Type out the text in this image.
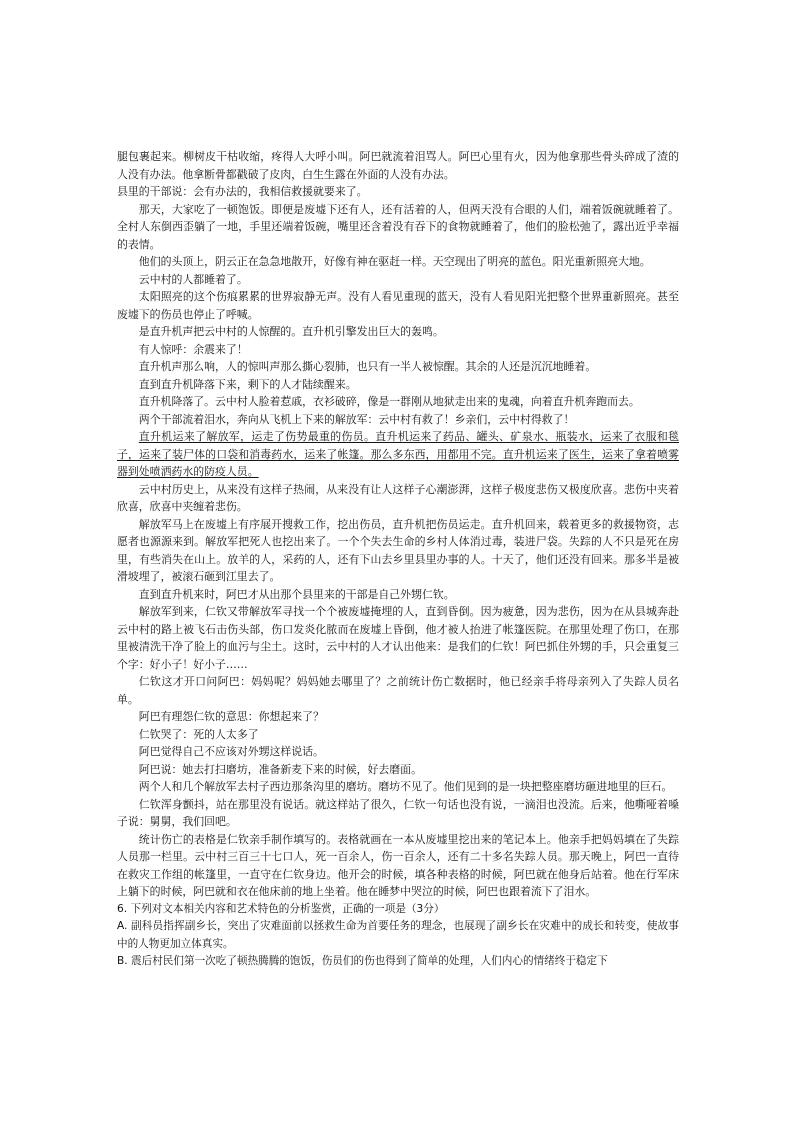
腿包裹起来。柳树皮干枯收缩，疼得人大呼小叫。阿巴就流着泪骂人。阿巴心里有火，因为他拿那些骨头碎成了渣的人没有办法。他拿断骨都戳破了皮肉，白生生露在外面的人没有办法。

县里的干部说：会有办法的，我相信救援就要来了。

那天，大家吃了一顿饱饭。即便是废墟下还有人，还有活着的人，但两天没有合眼的人们，端着饭碗就睡着了。全村人东倒西歪躺了一地，手里还端着饭碗，嘴里还含着没有吞下的食物就睡着了，他们的脸松弛了，露出近乎幸福的表情。

他们的头顶上，阴云正在急急地散开，好像有神在驱赶一样。天空现出了明亮的蓝色。阳光重新照亮大地。

云中村的人都睡着了。

太阳照亮的这个伤痕累累的世界寂静无声。没有人看见重现的蓝天，没有人看见阳光把整个世界重新照亮。甚至废墟下的伤员也停止了呼喊。

是直升机声把云中村的人惊醒的。直升机引擎发出巨大的轰鸣。

有人惊呼：余震来了！

直升机声那么响，人的惊叫声那么撕心裂肺，也只有一半人被惊醒。其余的人还是沉沉地睡着。

直到直升机降落下来，剩下的人才陆续醒来。

直升机降落了。云中村人脸着惹戚，衣衫破碎，像是一群刚从地狱走出来的鬼魂，向着直升机奔跑而去。

两个干部流着泪水，奔向从飞机上下来的解放军：云中村有救了！乡亲们，云中村得救了！

直升机运来了解放军，运走了伤势最重的伤员。直升机运来了药品、罐头、矿泉水、瓶装水，运来了衣服和毯子，运来了装尸体的口袋和消毒药水，运来了帐篷。那么多东西，用都用不完。直升机运来了医生，运来了拿着喷雾器到处喷洒药水的防疫人员。

云中村历史上，从来没有这样子热闹，从来没有让人这样子心潮澎湃，这样子极度悲伤又极度欣喜。悲伤中夹着欣喜，欣喜中夹缠着悲伤。

解放军马上在废墟上有序展开搜救工作，挖出伤员，直升机把伤员运走。直升机回来，载着更多的救援物资，志愿者也源源来到。解放军把死人也挖出来了。一个个失去生命的乡村人体消过毒，装进尸袋。失踪的人不只是死在房里，有些消失在山上。放羊的人，采药的人，还有下山去乡里县里办事的人。十天了，他们还没有回来。那多半是被滑坡埋了，被滚石砸到江里去了。

直到直升机来时，阿巴才从出那个县里来的干部是自己外甥仁钦。

解放军到来，仁钦又带解放军寻找一个个被废墟掩埋的人，直到昏倒。因为疲惫，因为悲伤，因为在从县城奔赴云中村的路上被飞石击伤头部，伤口发炎化脓而在废墟上昏倒，他才被人抬进了帐篷医院。在那里处理了伤口，在那里被清洗干净了脸上的血污与尘土。这时，云中村的人才认出他来：是我们的仁钦！阿巴抓住外甥的手，只会重复三个字：好小子！好小子……

仁钦这才开口问阿巴：妈妈呢？妈妈她去哪里了？之前统计伤亡数据时，他已经亲手将母亲列入了失踪人员名单。

阿巴有理怨仁钦的意思：你想起来了？

仁钦哭了：死的人太多了

阿巴觉得自己不应该对外甥这样说话。

阿巴说：她去打扫磨坊，准备新麦下来的时候，好去磨面。

两个人和几个解放军去村子西边那条沟里的磨坊。磨坊不见了。他们见到的是一块把整座磨坊砸进地里的巨石。

仁钦浑身颤抖，站在那里没有说话。就这样站了很久，仁钦一句话也没有说，一滴泪也没流。后来，他嘶哑着嗓子说：舅舅，我们回吧。

统计伤亡的表格是仁钦亲手制作填写的。表格就画在一本从废墟里挖出来的笔记本上。他亲手把妈妈填在了失踪人员那一栏里。云中村三百三十七口人，死一百余人，伤一百余人，还有二十多名失踪人员。那天晚上，阿巴一直待在救灾工作组的帐篷里，一直守在仁钦身边。他开会的时候，填各种表格的时候，阿巴就在他身后站着。他在行军床上躺下的时候，阿巴就和衣在他床前的地上坐着。他在睡梦中哭泣的时候，阿巴也跟着流下了泪水。

6. 下列对文本相关内容和艺术特色的分析鉴赏，正确的一项是（3分）

A. 副科员指挥副乡长，突出了灾难面前以拯救生命为首要任务的理念，也展现了副乡长在灾难中的成长和转变，使故事中的人物更加立体真实。

B. 震后村民们第一次吃了顿热腾腾的饱饭，伤员们的伤也得到了简单的处理，人们内心的情绪终于稳定下
